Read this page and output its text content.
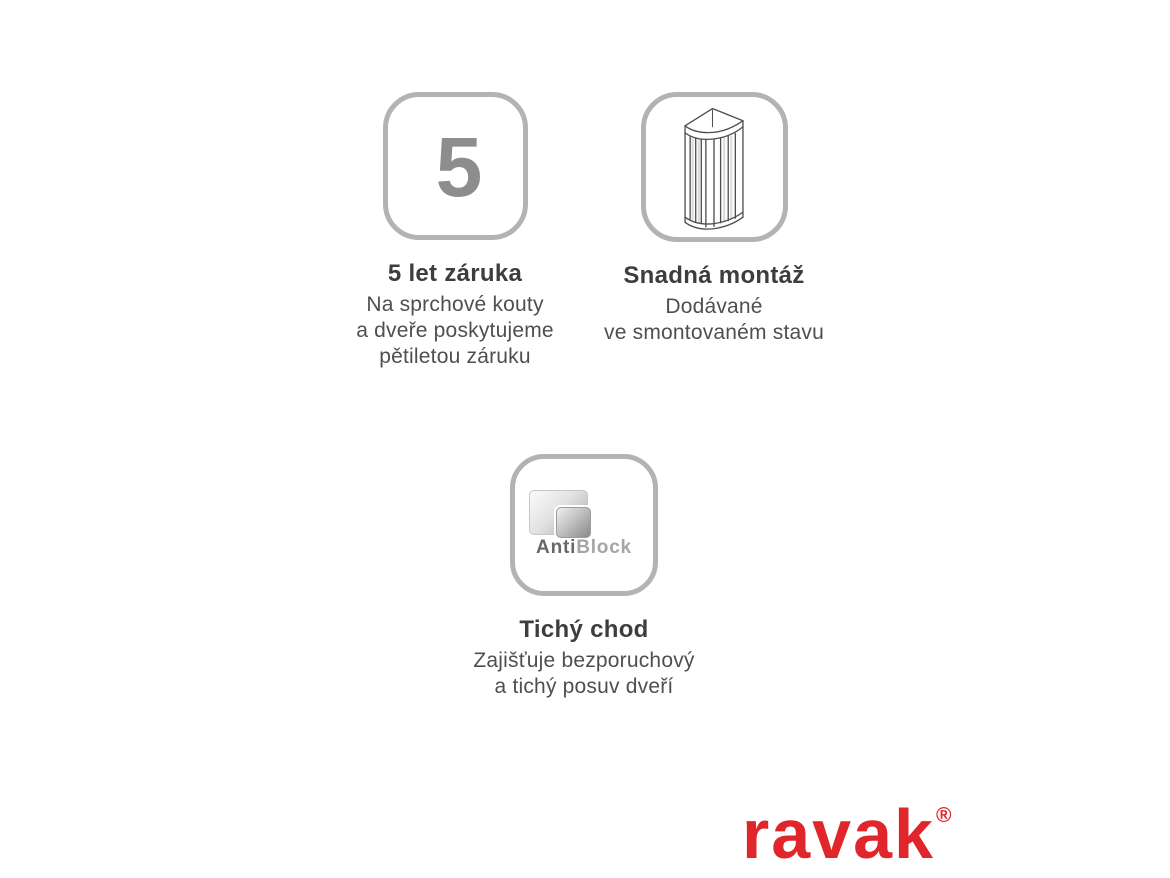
5
5 let záruka

Na sprchové kouty

a dveře poskytujeme

pětiletou záruku

Snadná montáž

Dodávané

ve smontovaném stavu

AntiBlock
Tichý chod

Zajišťuje bezporuchový

a tichý posuv dveří

ravak ®
